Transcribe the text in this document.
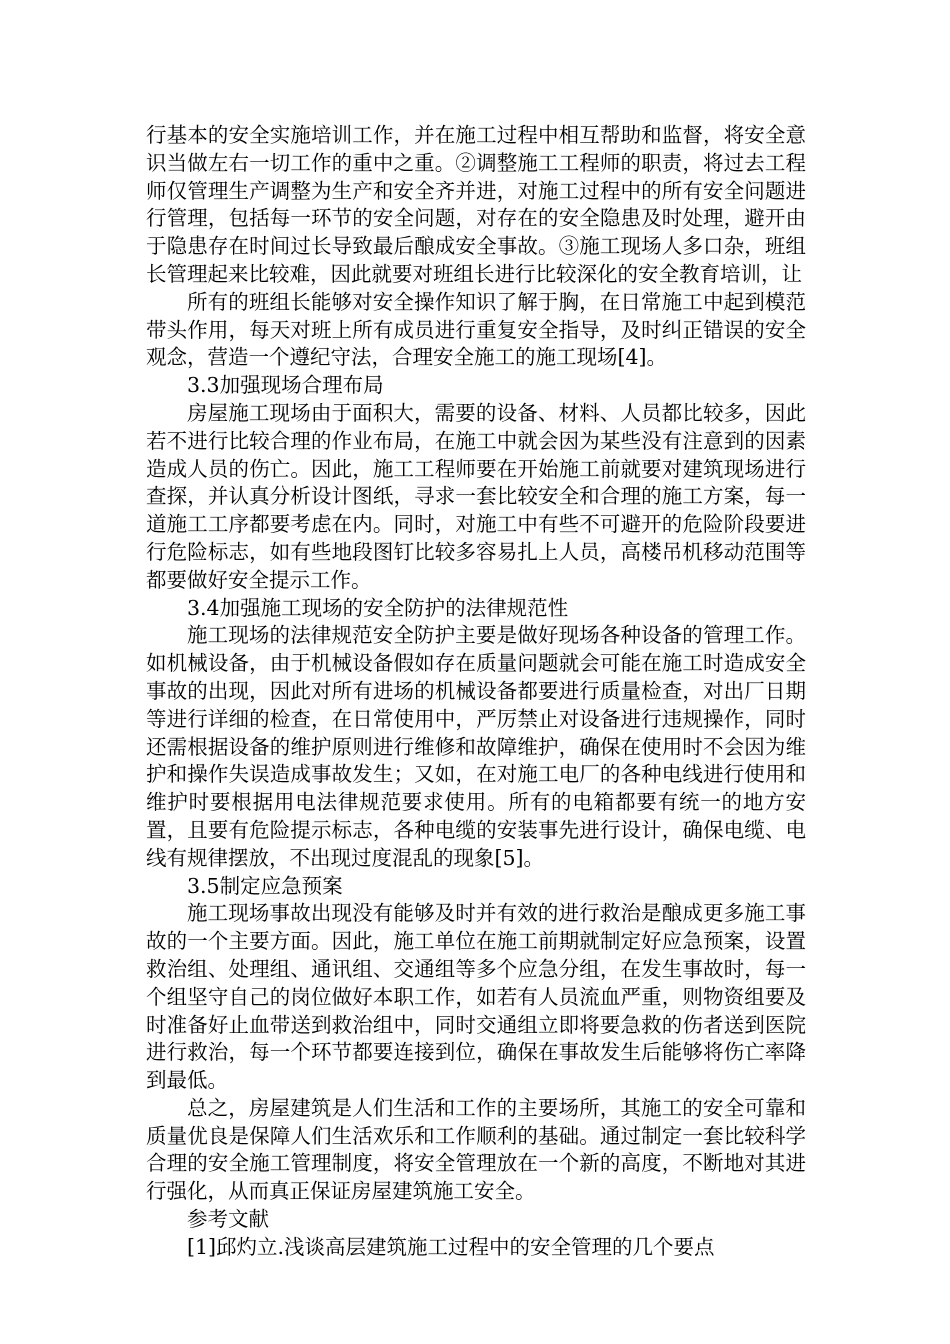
行基本的安全实施培训工作，并在施工过程中相互帮助和监督，将安全意识当做左右一切工作的重中之重。②调整施工工程师的职责，将过去工程师仅管理生产调整为生产和安全齐并进，对施工过程中的所有安全问题进行管理，包括每一环节的安全问题，对存在的安全隐患及时处理，避开由于隐患存在时间过长导致最后酿成安全事故。③施工现场人多口杂，班组长管理起来比较难，因此就要对班组长进行比较深化的安全教育培训，让

所有的班组长能够对安全操作知识了解于胸，在日常施工中起到模范带头作用，每天对班上所有成员进行重复安全指导，及时纠正错误的安全观念，营造一个遵纪守法，合理安全施工的施工现场[4]。

3.3加强现场合理布局

房屋施工现场由于面积大，需要的设备、材料、人员都比较多，因此若不进行比较合理的作业布局，在施工中就会因为某些没有注意到的因素造成人员的伤亡。因此，施工工程师要在开始施工前就要对建筑现场进行查探，并认真分析设计图纸，寻求一套比较安全和合理的施工方案，每一道施工工序都要考虑在内。同时，对施工中有些不可避开的危险阶段要进行危险标志，如有些地段图钉比较多容易扎上人员，高楼吊机移动范围等都要做好安全提示工作。

3.4加强施工现场的安全防护的法律规范性

施工现场的法律规范安全防护主要是做好现场各种设备的管理工作。如机械设备，由于机械设备假如存在质量问题就会可能在施工时造成安全事故的出现，因此对所有进场的机械设备都要进行质量检查，对出厂日期等进行详细的检查，在日常使用中，严厉禁止对设备进行违规操作，同时还需根据设备的维护原则进行维修和故障维护，确保在使用时不会因为维护和操作失误造成事故发生；又如，在对施工电厂的各种电线进行使用和维护时要根据用电法律规范要求使用。所有的电箱都要有统一的地方安置，且要有危险提示标志，各种电缆的安装事先进行设计，确保电缆、电线有规律摆放，不出现过度混乱的现象[5]。

3.5制定应急预案

施工现场事故出现没有能够及时并有效的进行救治是酿成更多施工事故的一个主要方面。因此，施工单位在施工前期就制定好应急预案，设置救治组、处理组、通讯组、交通组等多个应急分组，在发生事故时，每一个组坚守自己的岗位做好本职工作，如若有人员流血严重，则物资组要及时准备好止血带送到救治组中，同时交通组立即将要急救的伤者送到医院进行救治，每一个环节都要连接到位，确保在事故发生后能够将伤亡率降到最低。

总之，房屋建筑是人们生活和工作的主要场所，其施工的安全可靠和质量优良是保障人们生活欢乐和工作顺利的基础。通过制定一套比较科学合理的安全施工管理制度，将安全管理放在一个新的高度，不断地对其进行强化，从而真正保证房屋建筑施工安全。

参考文献

[1]邱灼立.浅谈高层建筑施工过程中的安全管理的几个要点
